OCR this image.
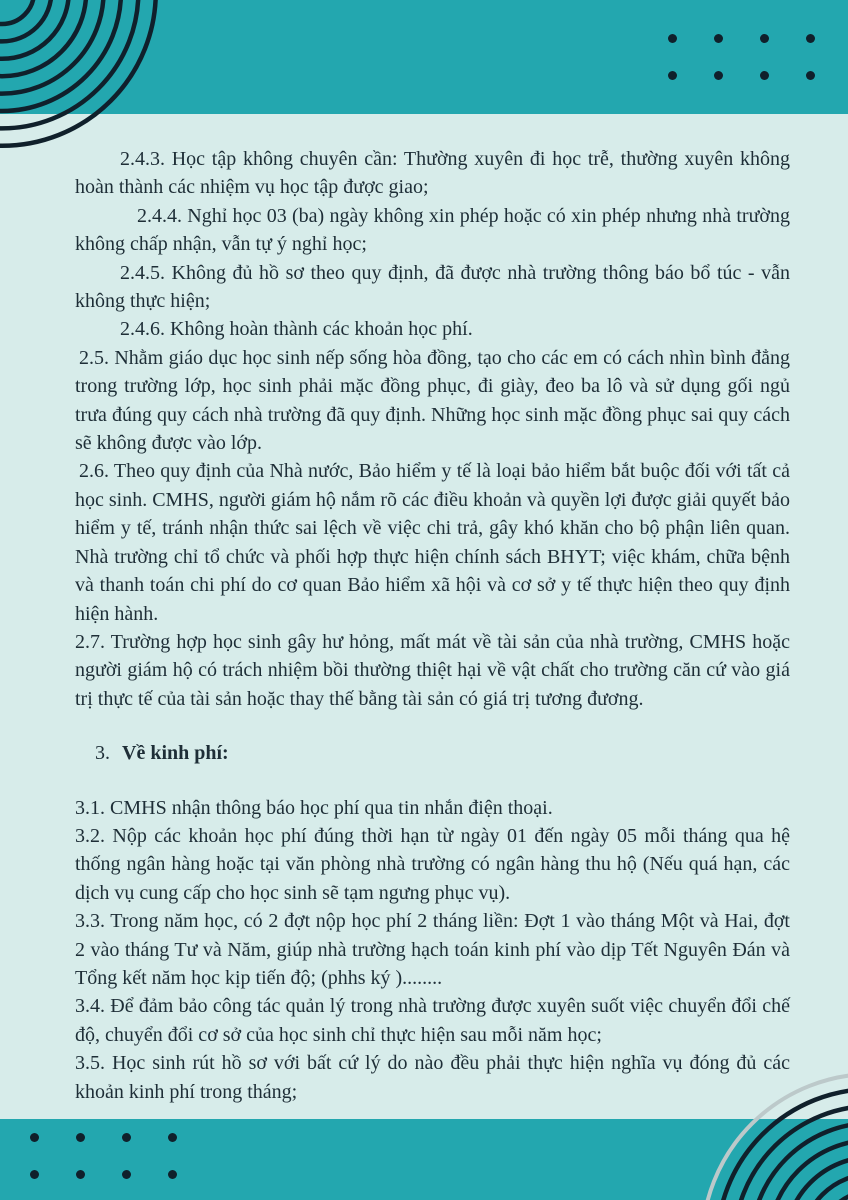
2.4.3. Học tập không chuyên cần: Thường xuyên đi học trễ, thường xuyên không hoàn thành các nhiệm vụ học tập được giao;

2.4.4. Nghỉ học 03 (ba) ngày không xin phép hoặc có xin phép nhưng nhà trường không chấp nhận, vẫn tự ý nghỉ học;

2.4.5. Không đủ hồ sơ theo quy định, đã được nhà trường thông báo bổ túc - vẫn không thực hiện;

2.4.6. Không hoàn thành các khoản học phí.

2.5. Nhằm giáo dục học sinh nếp sống hòa đồng, tạo cho các em có cách nhìn bình đẳng trong trường lớp, học sinh phải mặc đồng phục, đi giày, đeo ba lô và sử dụng gối ngủ trưa đúng quy cách nhà trường đã quy định. Những học sinh mặc đồng phục sai quy cách sẽ không được vào lớp.

2.6. Theo quy định của Nhà nước, Bảo hiểm y tế là loại bảo hiểm bắt buộc đối với tất cả học sinh. CMHS, người giám hộ nắm rõ các điều khoản và quyền lợi được giải quyết bảo hiểm y tế, tránh nhận thức sai lệch về việc chi trả, gây khó khăn cho bộ phận liên quan. Nhà trường chỉ tổ chức và phối hợp thực hiện chính sách BHYT; việc khám, chữa bệnh và thanh toán chi phí do cơ quan Bảo hiểm xã hội và cơ sở y tế thực hiện theo quy định hiện hành.

2.7. Trường hợp học sinh gây hư hỏng, mất mát về tài sản của nhà trường, CMHS hoặc người giám hộ có trách nhiệm bồi thường thiệt hại về vật chất cho trường căn cứ vào giá trị thực tế của tài sản hoặc thay thế bằng tài sản có giá trị tương đương.

3. Về kinh phí:

3.1. CMHS nhận thông báo học phí qua tin nhắn điện thoại.

3.2. Nộp các khoản học phí đúng thời hạn từ ngày 01 đến ngày 05 mỗi tháng qua hệ thống ngân hàng hoặc tại văn phòng nhà trường có ngân hàng thu hộ (Nếu quá hạn, các dịch vụ cung cấp cho học sinh sẽ tạm ngưng phục vụ).

3.3. Trong năm học, có 2 đợt nộp học phí 2 tháng liền: Đợt 1 vào tháng Một và Hai, đợt 2 vào tháng Tư và Năm, giúp nhà trường hạch toán kinh phí vào dịp Tết Nguyên Đán và Tổng kết năm học kịp tiến độ; (phhs ký )........

3.4. Để đảm bảo công tác quản lý trong nhà trường được xuyên suốt việc chuyển đổi chế độ, chuyển đổi cơ sở của học sinh chỉ thực hiện sau mỗi năm học;

3.5. Học sinh rút hồ sơ với bất cứ lý do nào đều phải thực hiện nghĩa vụ đóng đủ các khoản kinh phí trong tháng;
